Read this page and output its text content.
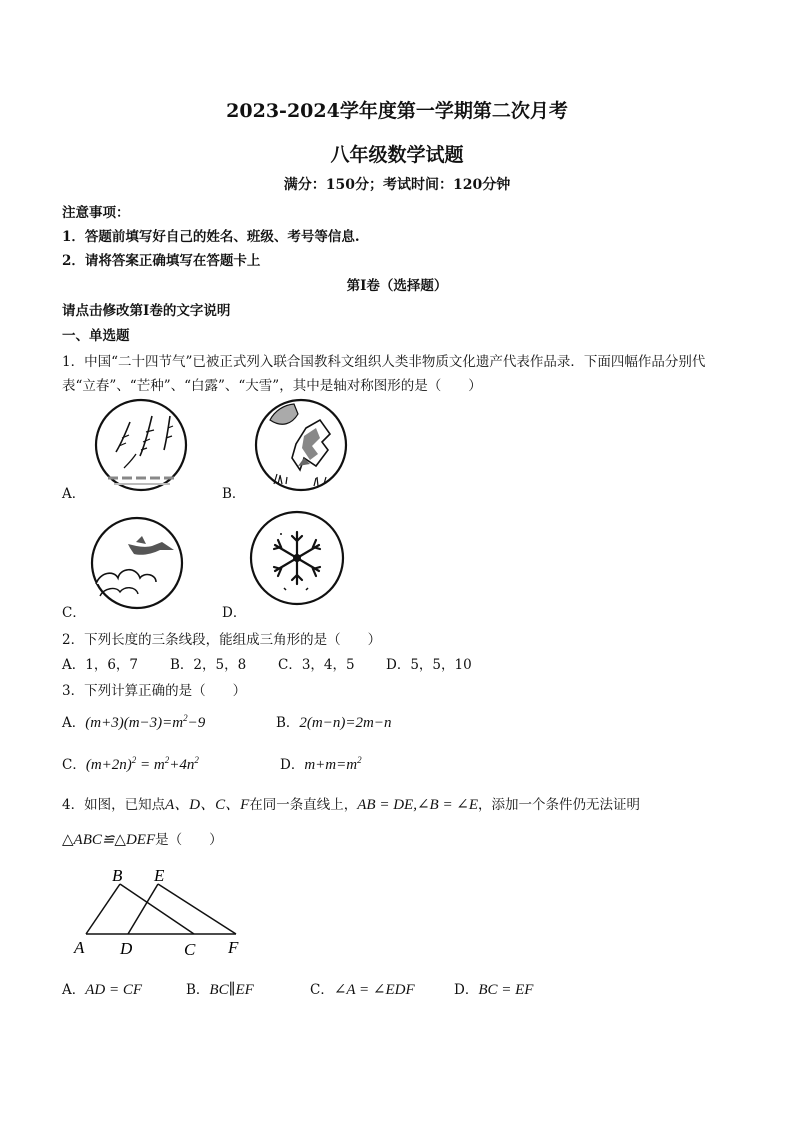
2023-2024学年度第一学期第二次月考
八年级数学试题
满分：150分；考试时间：120分钟
注意事项：
1．答题前填写好自己的姓名、班级、考号等信息.
2．请将答案正确填写在答题卡上
第Ⅰ卷（选择题）
请点击修改第Ⅰ卷的文字说明
一、单选题
1．中国“二十四节气”已被正式列入联合国教科文组织人类非物质文化遗产代表作品录．下面四幅作品分别代
表“立春”、“芒种”、“白露”、“大雪”，其中是轴对称图形的是（　　）
A．	B．
C．	D．
2．下列长度的三条线段，能组成三角形的是（　　）
A．1，6，7 B．2，5，8 C．3，4，5 D．5，5，10
3．下列计算正确的是（　　）
A．$(m+3)(m-3)=m^2-9$	B．2(m−n)=2m−n
C．$(m+2n)^2 = m^2+4n^2$	D．$m+m=m^2$
4．如图，已知点A、D、C、F在同一条直线上，AB = DE,∠B = ∠E，添加一个条件仍无法证明
△ABC≌△DEF是（　　）
B E
A D	C F
A．AD = CF	B．BC∥EF	C．∠A = ∠EDF	D．BC = EF
